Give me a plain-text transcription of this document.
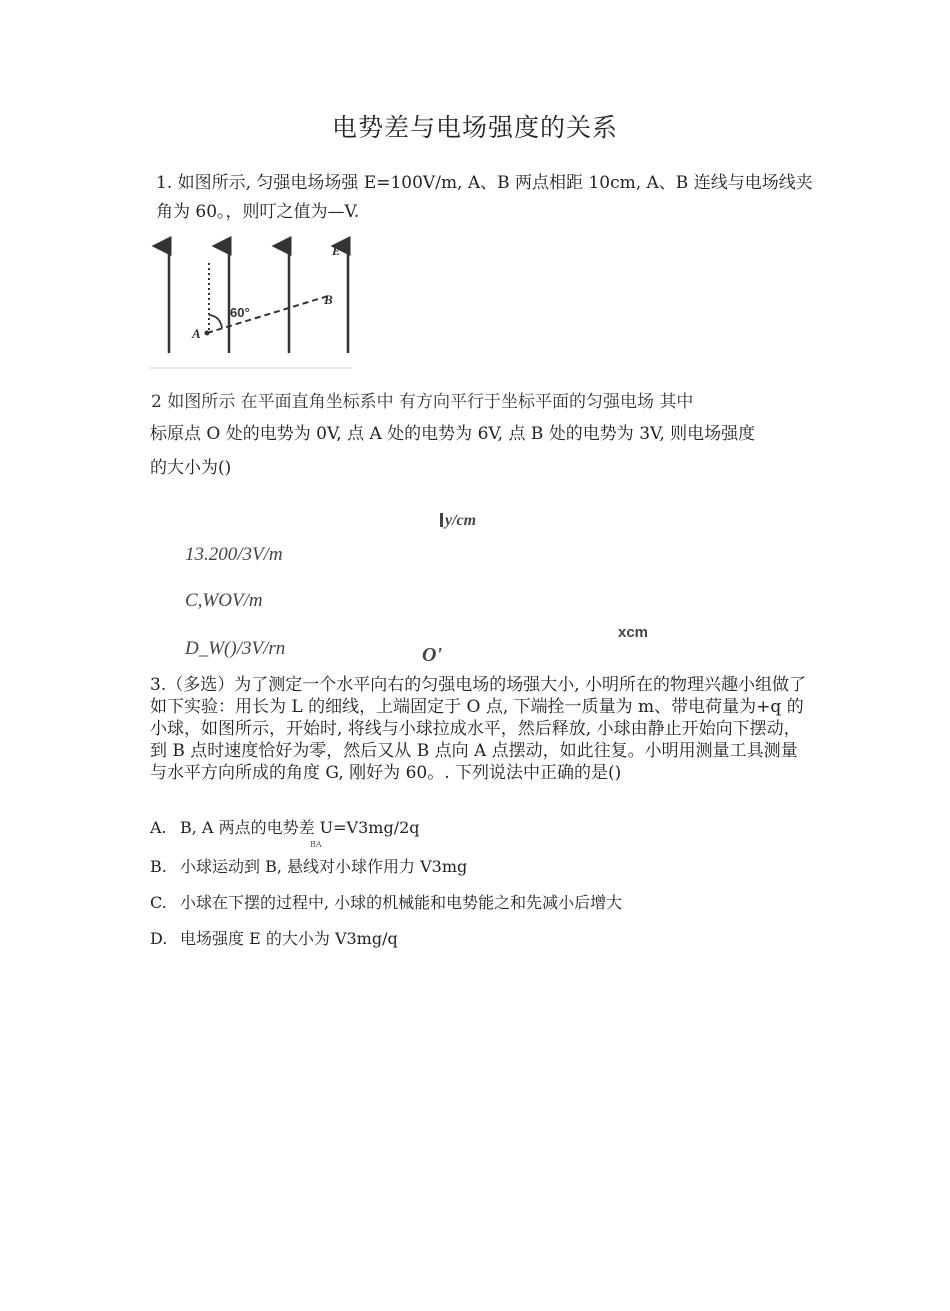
电势差与电场强度的关系
1. 如图所示, 匀强电场场强 E=100V/m, A、B 两点相距 10cm, A、B 连线与电场线夹
角为 60。，则叮之值为—V.
60°
A
B
E
2 如图所示 在平面直角坐标系中 有方向平行于坐标平面的匀强电场 其中
标原点 O 处的电势为 0V, 点 A 处的电势为 6V, 点 B 处的电势为 3V, 则电场强度
的大小为()
y/cm
13.200/3V/m
C,WOV/m
D_W()/3V/rn
xcm
O'
3.（多选）为了测定一个水平向右的匀强电场的场强大小, 小明所在的物理兴趣小组做了如下实验：用长为 L 的细线，上端固定于 O 点, 下端拴一质量为 m、带电荷量为+q 的小球，如图所示，开始时, 将线与小球拉成水平，然后释放, 小球由静止开始向下摆动，到 B 点时速度恰好为零，然后又从 B 点向 A 点摆动，如此往复。小明用测量工具测量与水平方向所成的角度 G, 刚好为 60。. 下列说法中正确的是()
A. B, A 两点的电势差 U=V3mg/2q
BA
B. 小球运动到 B, 悬线对小球作用力 V3mg
C. 小球在下摆的过程中, 小球的机械能和电势能之和先减小后增大
D. 电场强度 E 的大小为 V3mg/q
